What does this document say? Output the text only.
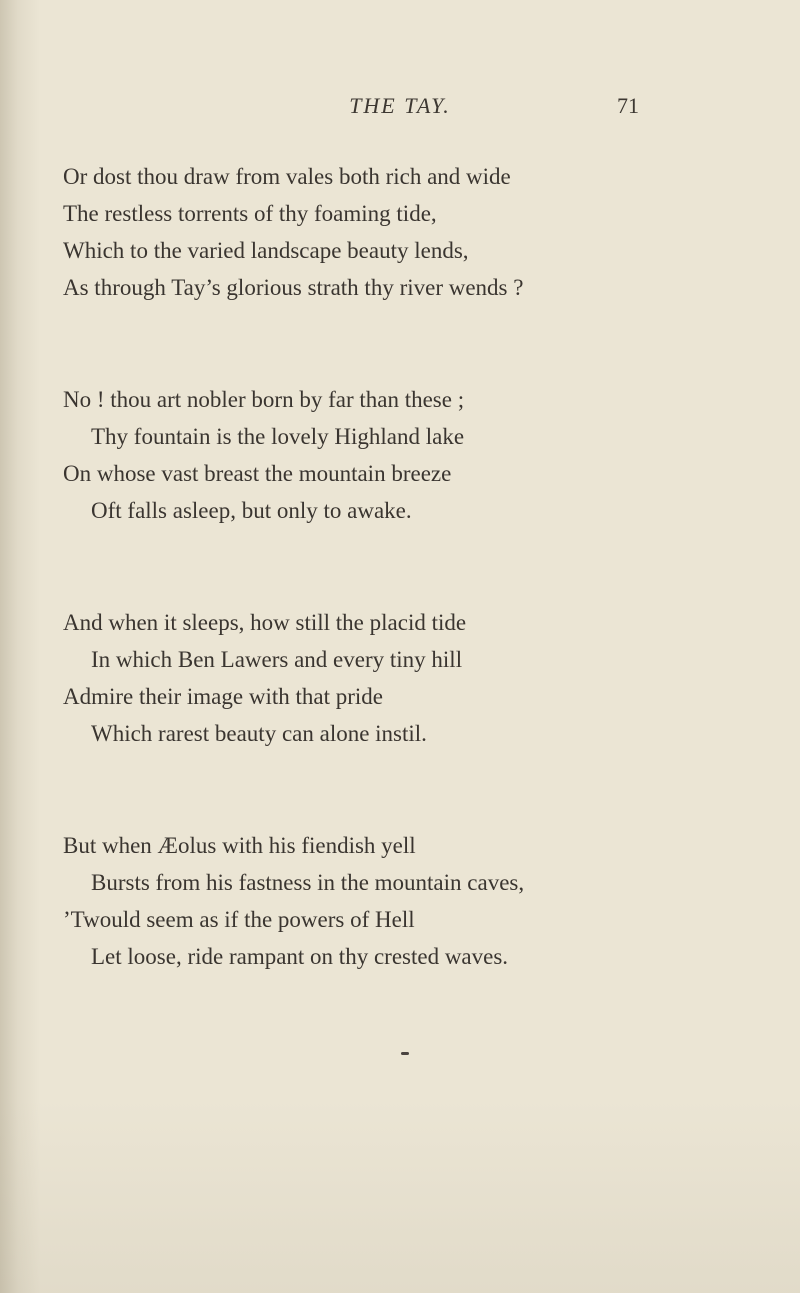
THE TAY.	71
Or dost thou draw from vales both rich and wide
The restless torrents of thy foaming tide,
Which to the varied landscape beauty lends,
As through Tay’s glorious strath thy river wends ?
No ! thou art nobler born by far than these ;
Thy fountain is the lovely Highland lake
On whose vast breast the mountain breeze
Oft falls asleep, but only to awake.
And when it sleeps, how still the placid tide
In which Ben Lawers and every tiny hill
Admire their image with that pride
Which rarest beauty can alone instil.
But when Æolus with his fiendish yell
Bursts from his fastness in the mountain caves,
’Twould seem as if the powers of Hell
Let loose, ride rampant on thy crested waves.
